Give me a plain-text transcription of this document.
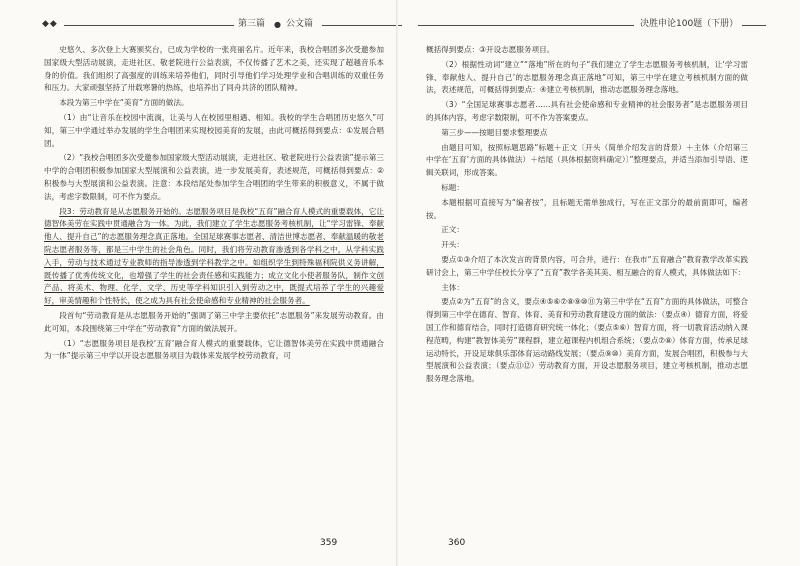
◆◆	第三篇 ● 公文篇

史悠久、多次登上大赛颁奖台，已成为学校的一张亮丽名片。近年来，我校合唱团多次受邀参加国家级大型活动展演，走进社区、敬老院进行公益表演，不仅传播了艺术之美，还实现了超越音乐本身的价值。我们组织了高强度的训练来培养他们，同时引导他们学习处理学业和合唱训练的双重任务和压力。大家顽强坚持了卅载寒暑的热练，也培养出了同舟共济的团队精神。

本段为第三中学在“美育”方面的做法。

（1）由“让音乐在校园中流淌，让美与人在校园里相遇、相知。我校的学生合唱团历史悠久”可知，第三中学通过举办发展的学生合唱团来实现校园美育的发展，由此可概括得到要点：①发展合唱团。

（2）“我校合唱团多次受邀参加国家级大型活动展演，走进社区、敬老院进行公益表演”提示第三中学的合唱团积极参加国家大型展演和公益表演，进一步发展美育，表述规范，可概括得到要点：②积极参与大型展演和公益表演。注意：本段结尾处参加学生合唱团的学生带来的积极意义，不属于做法，考虑字数限制，可不作为要点。

段3：劳动教育是从志愿服务开始的。志愿服务项目是我校“五育”融合育人模式的重要载体，它让德智体美劳在实践中贯通融合为一体。为此，我们建立了学生志愿服务考核机制，让“学习雷锋、奉献他人、提升自己”的志愿服务理念真正落地。全国足球赛事志愿者、清洁世博志愿者、奉献温暖的敬老院志愿者服务等，都是三中学生的社会角色。同时，我们将劳动教育渗透到各学科之中，从学科实践入手，劳动与技术通过专业教师的指导渗透到学科教学之中。如组织学生到特殊福利院供义务讲解，既传播了优秀传统文化，也增强了学生的社会责任感和实践能力；成立文化小使者服务队，制作文创产品、将美术、物理、化学、文学、历史等学科知识引入到劳动之中，既提式培养了学生的兴趣爱好，审美情趣和个性特长，使之成为具有社会使命感和专业精神的社会服务者。

段首句“劳动教育是从志愿服务开始的”强调了第三中学主要依托“志愿服务”来发展劳动教育。由此可知，本段围绕第三中学在“劳动教育”方面的做法展开。

（1）“志愿服务项目是我校‘五育’融合育人模式的重要载体，它让德智体美劳在实践中贯通融合为一体”提示第三中学以开设志愿服务项目为载体来发展学校劳动教育，可

359
决胜申论100题（下册）

概括得到要点：③开设志愿服务项目。

（2）根据性动词“建立”“落地”所在的句子“我们建立了学生志愿服务考核机制，让‘学习雷锋、奉献他人、提升自己’的志愿服务理念真正落地”可知，第三中学在建立考核机制方面的做法，表述规范，可概括得到要点：④建立考核机制，推动志愿服务理念落地。

（3）“全国足球赛事志愿者……具有社会使命感和专业精神的社会服务者”是志愿服务项目的具体内容，考虑字数限制，可不作为答案要点。

第三步——按题目要求整理要点

由题目可知，按照标题思路“标题＋正文〔开头（简单介绍发言的背景）＋主体（介绍第三中学在‘五育’方面的具体做法）＋结尾（具体根据资料确定）〕”整理要点，并适当添加引导语、逻辑关联词，形成答案。

标题：

本题根据可直接写为“编者按”，且标题无需单独成行，写在正文部分的最前面即可，编者按。

正文：

开头：

要点①③介绍了本次发言的背景内容，可合并，进行：在我市“五育融合”教育教学改革实践研讨会上，第三中学任校长分享了“五育”教学各美其美、相互融合的育人模式，具体做法如下：

主体：

要点②为“五育”的含义，要点④⑤⑥⑦⑧⑨⑩⑪为第三中学在“五育”方面的具体做法，可整合得到第三中学在德育、智育、体育、美育和劳动教育建设方面的做法：（要点④）德育方面，将爱国工作和德育结合，同时打造德育研究统一体化；（要点⑤⑥）智育方面，将一切教育活动纳入课程范畴，构建“教智体美劳”课程群，建立超课程内机组合系统；（要点⑦⑧）体育方面，传承足球运动特长，开设足球俱乐部体育运动路线发展；（要点⑨⑩）美育方面，发展合唱团，积极参与大型展演和公益表演；（要点⑪⑫）劳动教育方面，开设志愿服务项目，建立考核机制，推动志愿服务理念落地。

360
